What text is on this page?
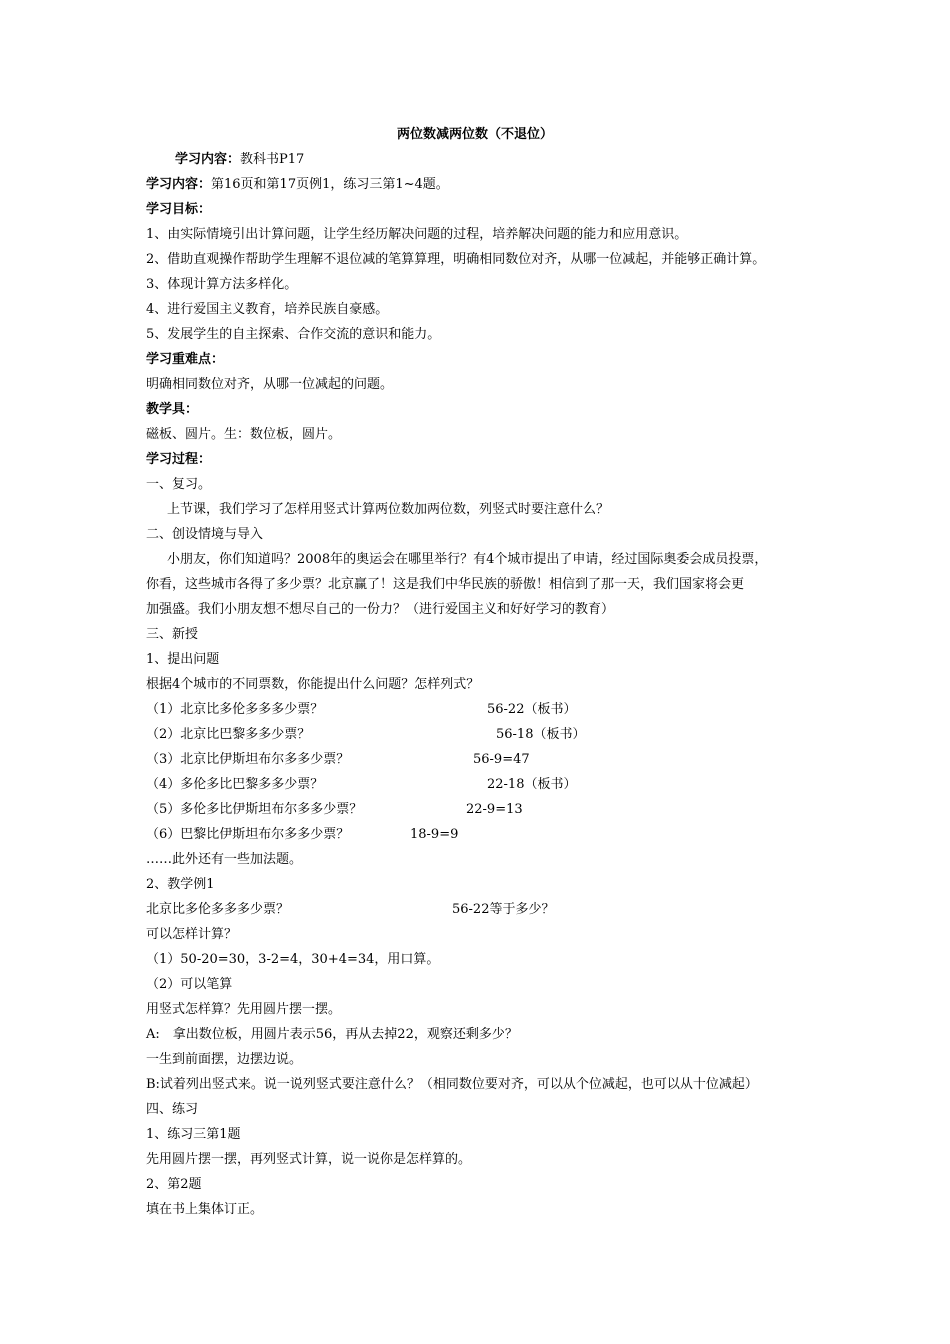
两位数减两位数（不退位）
学习内容：教科书P17
学习内容：第16页和第17页例1，练习三第1~4题。
学习目标：
1、由实际情境引出计算问题，让学生经历解决问题的过程，培养解决问题的能力和应用意识。
2、借助直观操作帮助学生理解不退位减的笔算算理，明确相同数位对齐，从哪一位减起，并能够正确计算。
3、体现计算方法多样化。
4、进行爱国主义教育，培养民族自豪感。
5、发展学生的自主探索、合作交流的意识和能力。
学习重难点：
明确相同数位对齐，从哪一位减起的问题。
教学具：
磁板、圆片。生：数位板，圆片。
学习过程：
一、复习。
上节课，我们学习了怎样用竖式计算两位数加两位数，列竖式时要注意什么？
二、创设情境与导入
小朋友，你们知道吗？2008年的奥运会在哪里举行？有4个城市提出了申请，经过国际奥委会成员投票，
你看，这些城市各得了多少票？北京赢了！这是我们中华民族的骄傲！相信到了那一天，我们国家将会更
加强盛。我们小朋友想不想尽自己的一份力？（进行爱国主义和好好学习的教育）
三、新授
1、提出问题
根据4个城市的不同票数，你能提出什么问题？怎样列式？
（1）北京比多伦多多多少票？	56-22（板书）
（2）北京比巴黎多多少票？	56-18（板书）
（3）北京比伊斯坦布尔多多少票？	56-9=47
（4）多伦多比巴黎多多少票？	22-18（板书）
（5）多伦多比伊斯坦布尔多多少票？	22-9=13
（6）巴黎比伊斯坦布尔多多少票？	18-9=9
……此外还有一些加法题。
2、教学例1
北京比多伦多多多少票？	56-22等于多少？
可以怎样计算？
（1）50-20=30，3-2=4，30+4=34，用口算。
（2）可以笔算
用竖式怎样算？先用圆片摆一摆。
A:　拿出数位板，用圆片表示56，再从去掉22，观察还剩多少？
一生到前面摆，边摆边说。
B:试着列出竖式来。说一说列竖式要注意什么？（相同数位要对齐，可以从个位减起，也可以从十位减起）
四、练习
1、练习三第1题
先用圆片摆一摆，再列竖式计算，说一说你是怎样算的。
2、第2题
填在书上集体订正。
